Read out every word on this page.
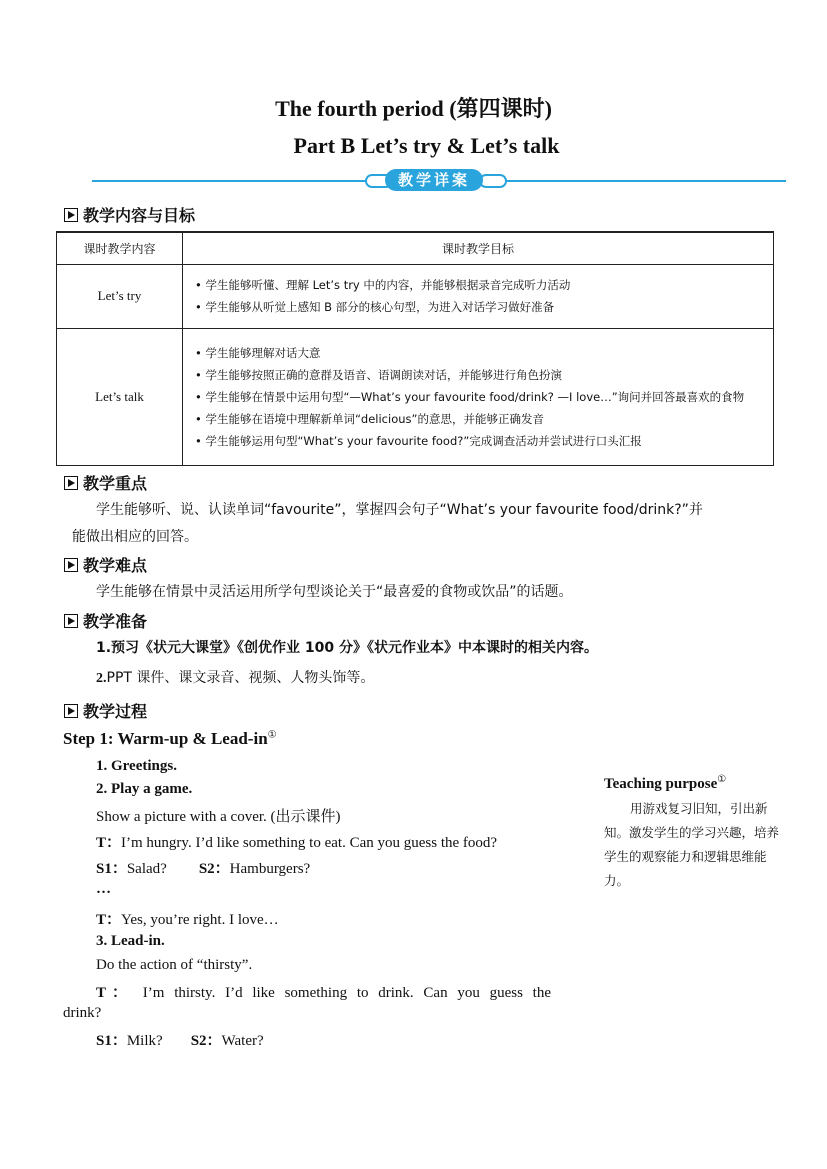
The fourth period (第四课时)
Part B Let’s try & Let’s talk
教学详案
教学内容与目标
课时教学内容	课时教学目标
Let’s try	• 学生能够听懂、理解 Let’s try 中的内容，并能够根据录音完成听力活动
• 学生能够从听觉上感知 B 部分的核心句型，为进入对话学习做好准备

Let’s talk	• 学生能够理解对话大意
• 学生能够按照正确的意群及语音、语调朗读对话，并能够进行角色扮演
• 学生能够在情景中运用句型“—What’s your favourite food/drink? —I love…”询问并回答最喜欢的食物
• 学生能够在语境中理解新单词“delicious”的意思，并能够正确发音
• 学生能够运用句型“What’s your favourite food?”完成调查活动并尝试进行口头汇报
教学重点
学生能够听、说、认读单词“favourite”，掌握四会句子“What’s your favourite food/drink?”并
能做出相应的回答。
教学难点
学生能够在情景中灵活运用所学句型谈论关于“最喜爱的食物或饮品”的话题。
教学准备
1.预习《状元大课堂》《创优作业 100 分》《状元作业本》中本课时的相关内容。
2.PPT 课件、课文录音、视频、人物头饰等。
教学过程
Step 1: Warm-up & Lead-in①
1. Greetings.
2. Play a game.
Show a picture with a cover. (出示课件)
T：I’m hungry. I’d like something to eat. Can you guess the food?
S1：Salad? S2：Hamburgers?
…
T：Yes, you’re right. I love…
3. Lead-in.
Do the action of “thirsty”.
T： I’m thirsty. I’d like something to drink. Can you guess the
drink?
S1：Milk? S2：Water?
Teaching purpose①
用游戏复习旧知，引出新知。激发学生的学习兴趣，培养学生的观察能力和逻辑思维能力。
